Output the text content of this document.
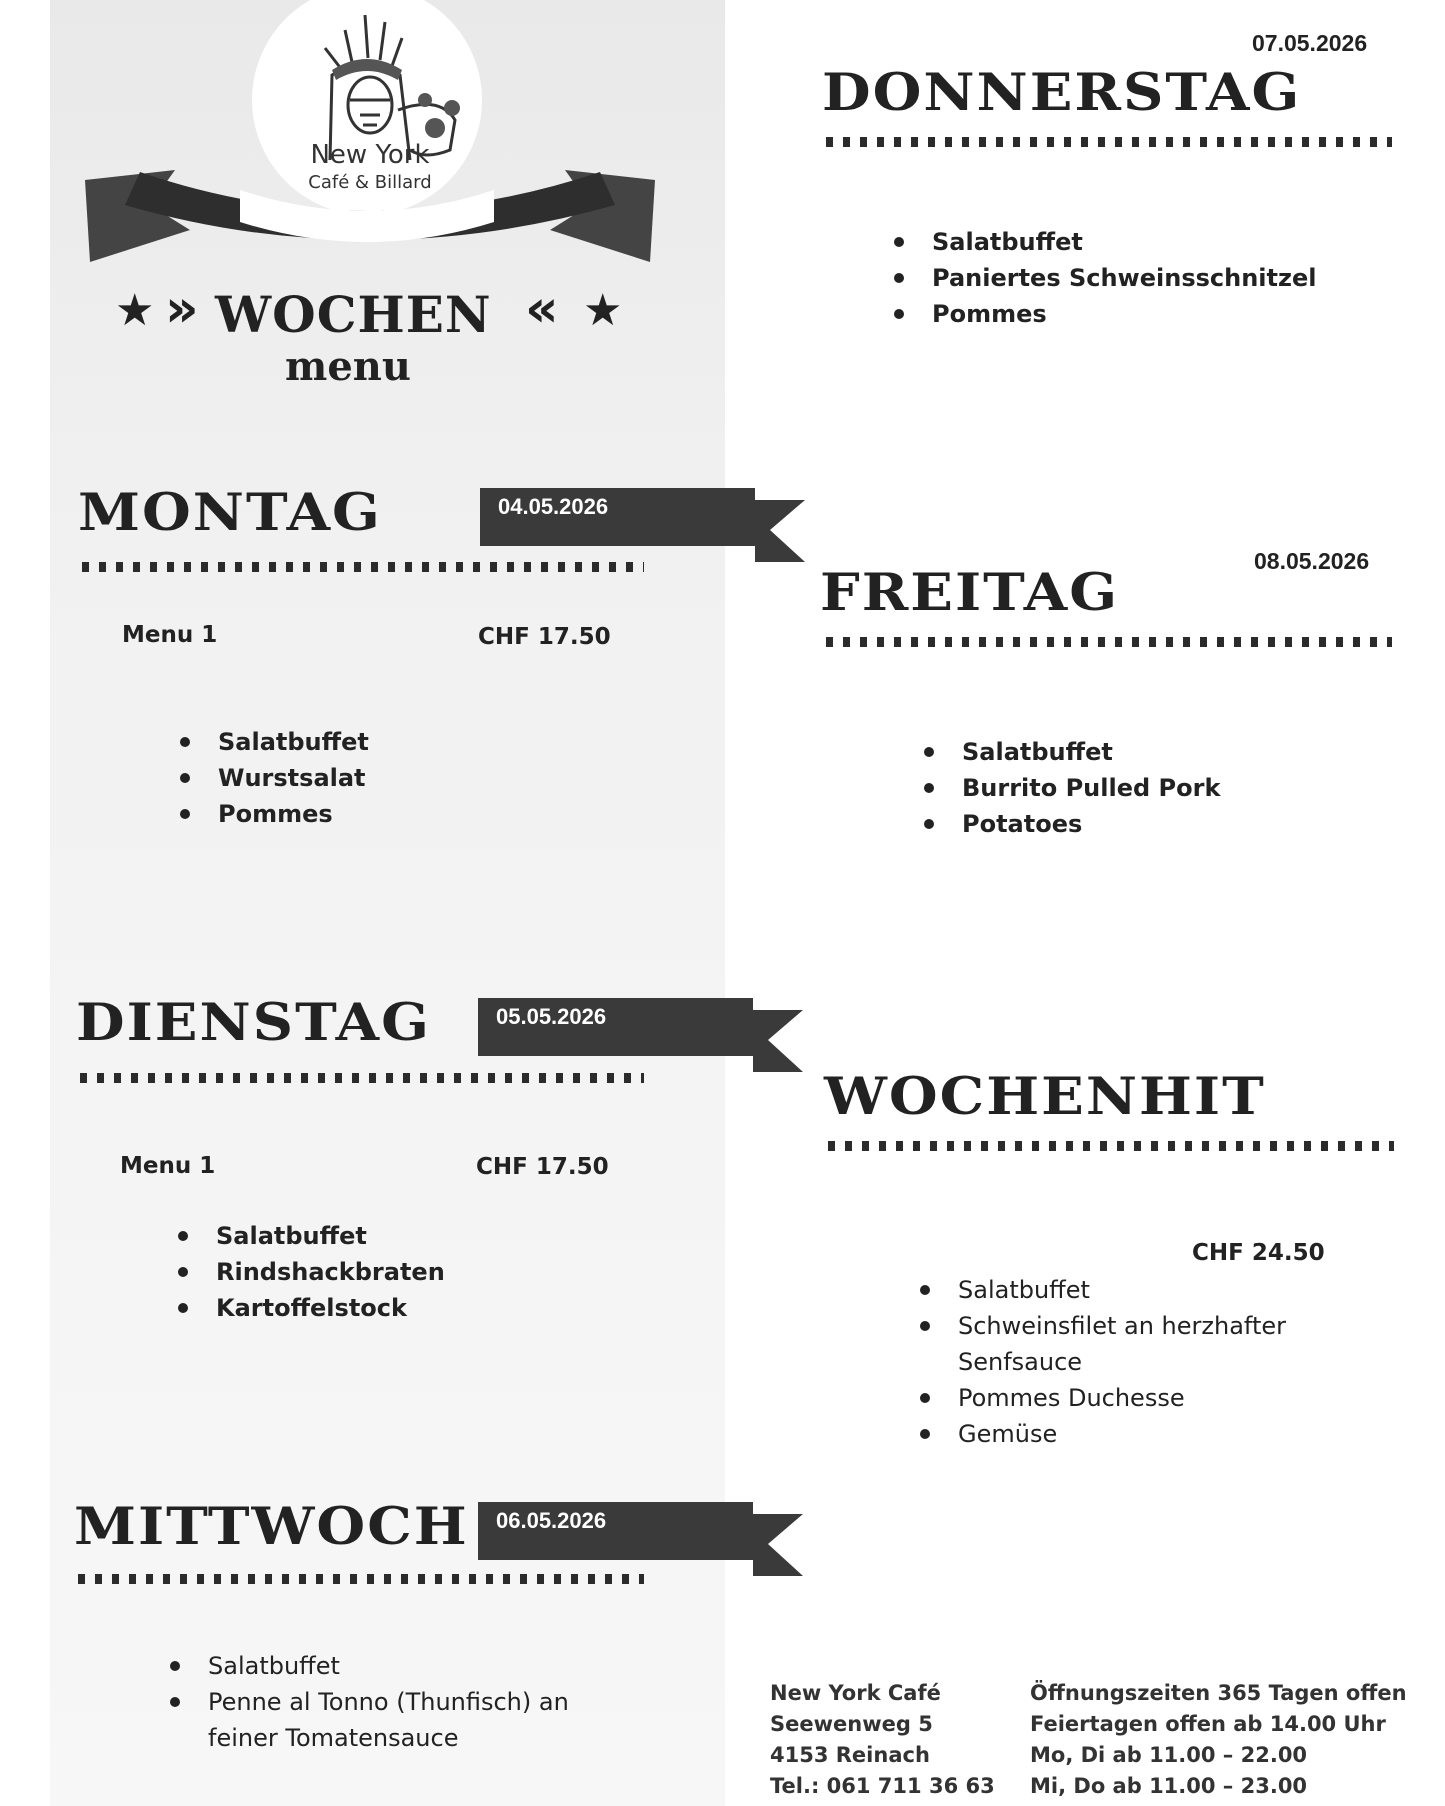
New York
Café & Billard
★ » WOCHEN « ★
menu
MONTAG	04.05.2026
Menu 1	CHF 17.50
Salatbuffet
Wurstsalat
Pommes
DIENSTAG	05.05.2026
Menu 1	CHF 17.50
Salatbuffet
Rindshackbraten
Kartoffelstock
MITTWOCH 06.05.2026
Salatbuffet
Penne al Tonno (Thunfisch) an
feiner Tomatensauce
07.05.2026
DONNERSTAG
Salatbuffet
Paniertes Schweinsschnitzel
Pommes
08.05.2026
FREITAG
Salatbuffet
Burrito Pulled Pork
Potatoes
WOCHENHIT
CHF 24.50
Salatbuffet
Schweinsfilet an herzhafter
Senfsauce
Pommes Duchesse
Gemüse
New York Café
Seewenweg 5
4153 Reinach
Tel.: 061 711 36 63
Öffnungszeiten 365 Tagen offen
Feiertagen offen ab 14.00 Uhr
Mo, Di ab 11.00 – 22.00
Mi, Do ab 11.00 – 23.00
